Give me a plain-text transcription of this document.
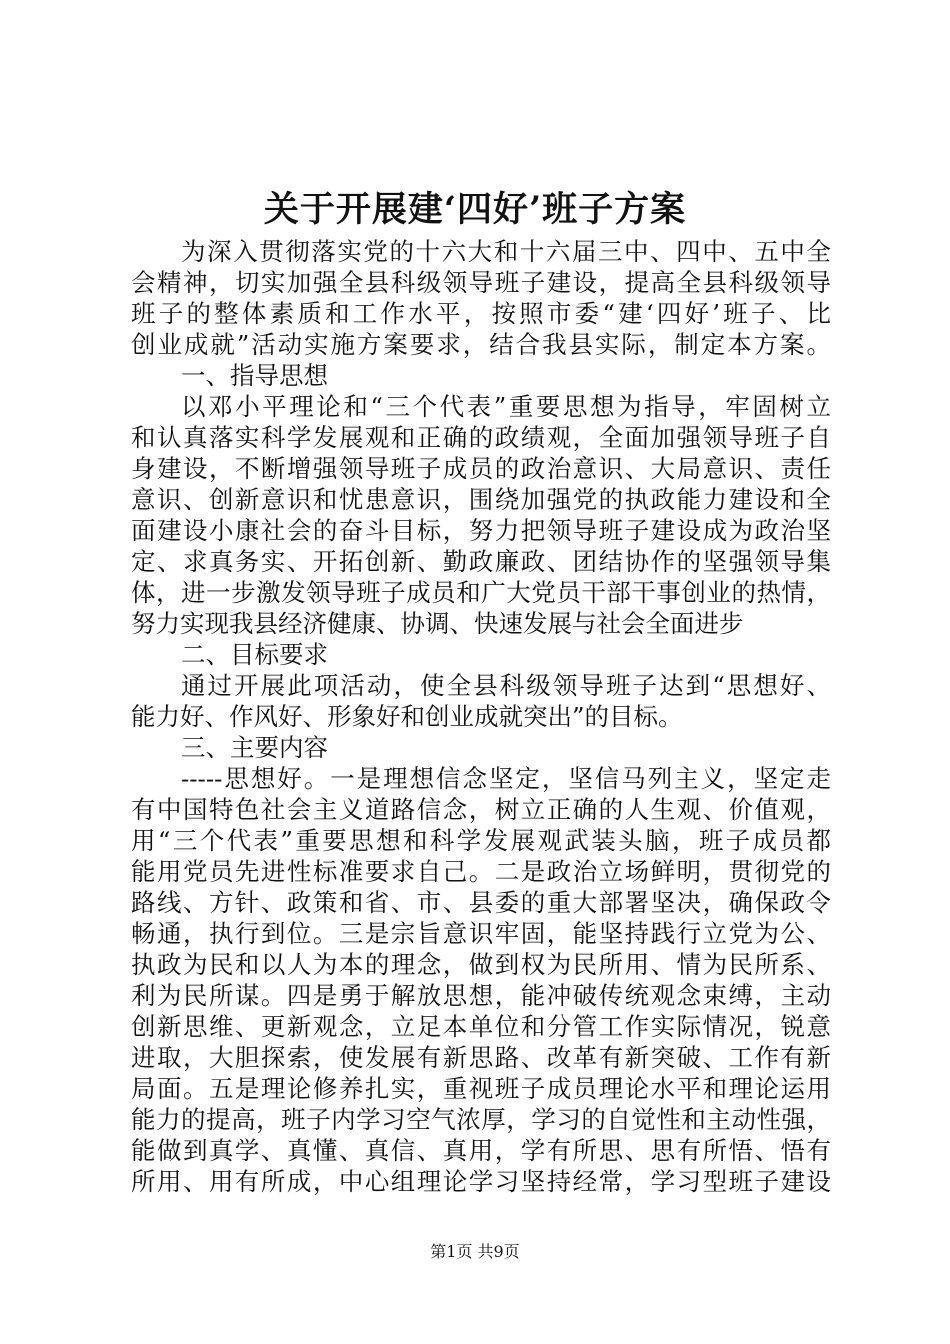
关于开展建‘四好’班子方案
为深入贯彻落实党的十六大和十六届三中、四中、五中全
会精神，切实加强全县科级领导班子建设，提高全县科级领导
班子的整体素质和工作水平，按照市委“建‘四好’班子、比
创业成就”活动实施方案要求，结合我县实际，制定本方案。
一、指导思想
以邓小平理论和“三个代表”重要思想为指导，牢固树立
和认真落实科学发展观和正确的政绩观，全面加强领导班子自
身建设，不断增强领导班子成员的政治意识、大局意识、责任
意识、创新意识和忧患意识，围绕加强党的执政能力建设和全
面建设小康社会的奋斗目标，努力把领导班子建设成为政治坚
定、求真务实、开拓创新、勤政廉政、团结协作的坚强领导集
体，进一步激发领导班子成员和广大党员干部干事创业的热情，
努力实现我县经济健康、协调、快速发展与社会全面进步
二、目标要求
通过开展此项活动，使全县科级领导班子达到“思想好、
能力好、作风好、形象好和创业成就突出”的目标。
三、主要内容
-----思想好。一是理想信念坚定，坚信马列主义，坚定走
有中国特色社会主义道路信念，树立正确的人生观、价值观，
用“三个代表”重要思想和科学发展观武装头脑，班子成员都
能用党员先进性标准要求自己。二是政治立场鲜明，贯彻党的
路线、方针、政策和省、市、县委的重大部署坚决，确保政令
畅通，执行到位。三是宗旨意识牢固，能坚持践行立党为公、
执政为民和以人为本的理念，做到权为民所用、情为民所系、
利为民所谋。四是勇于解放思想，能冲破传统观念束缚，主动
创新思维、更新观念，立足本单位和分管工作实际情况，锐意
进取，大胆探索，使发展有新思路、改革有新突破、工作有新
局面。五是理论修养扎实，重视班子成员理论水平和理论运用
能力的提高，班子内学习空气浓厚，学习的自觉性和主动性强，
能做到真学、真懂、真信、真用，学有所思、思有所悟、悟有
所用、用有所成，中心组理论学习坚持经常，学习型班子建设
第1页 共9页
